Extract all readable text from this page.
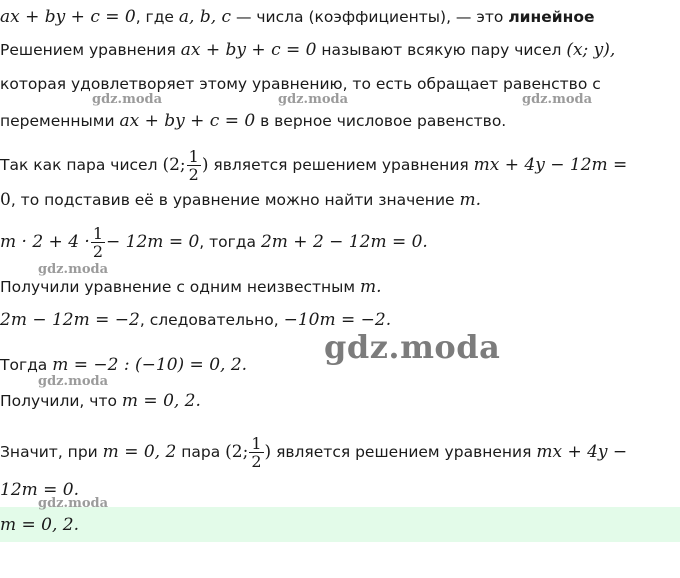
ax + by + c = 0, где a, b, c — числа (коэффициенты), — это линейное
Решением уравнения ax + by + c = 0 называют всякую пару чисел (x; y),
которая удовлетворяет этому уравнению, то есть обращает равенство с
переменными ax + by + c = 0 в верное числовое равенство.
Так как пара чисел (2; $\frac{1}{2}$ ) является решением уравнения mx + 4y − 12m =
0, то подставив её в уравнение можно найти значение m.
$m \cdot 2 + 4 \cdot \frac{1}{2} - 12m = 0$, тогда 2m + 2 − 12m = 0.
Получили уравнение с одним неизвестным m.
2m − 12m = −2, следовательно, −10m = −2.
Тогда m = −2 : (−10) = 0, 2.
Получили, что m = 0, 2.
Значит, при m = 0, 2 пара (2; $\frac{1}{2}$ ) является решением уравнения mx + 4y −
12m = 0.
m = 0, 2.
gdz.moda	gdz.moda	gdz.moda
gdz.moda
gdz.moda
gdz.moda
gdz.moda
